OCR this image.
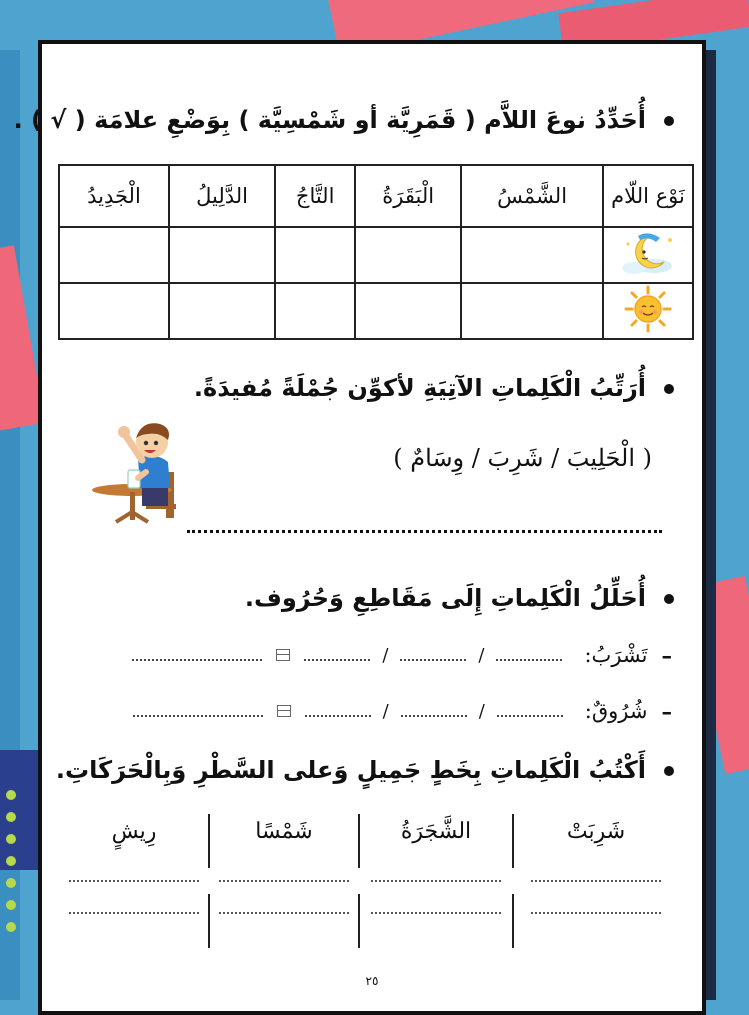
أُحَدِّدُ نوعَ اللاَّم ( قَمَرِيَّة أو شَمْسِيَّة ) بِوَضْعِ علامَة ( √ ) .
نَوْع اللّام	الشَّمْسُ	الْبَقَرَةُ	التَّاجُ	الدَّلِيلُ	الْجَدِيدُ

أُرَتِّبُ الْكَلِماتِ الآتِيَةِ لأكوِّن جُمْلَةً مُفيدَةً.
( الْحَلِيبَ / شَرِبَ / وِسَامٌ )
أُحَلِّلُ الْكَلِماتِ إِلَى مَقَاطِعِ وَحُرُوف.
–
تَشْرَبُ:
/
/
–
شُرُوقٌ:
/
/
أَكْتُبُ الْكَلِماتِ بِخَطٍ جَمِيلٍ وَعلى السَّطْرِ وَبِالْحَرَكَاتِ.
شَرِبَتْ
الشَّجَرَةُ
شَمْسًا
رِيشٍ
٢٥
